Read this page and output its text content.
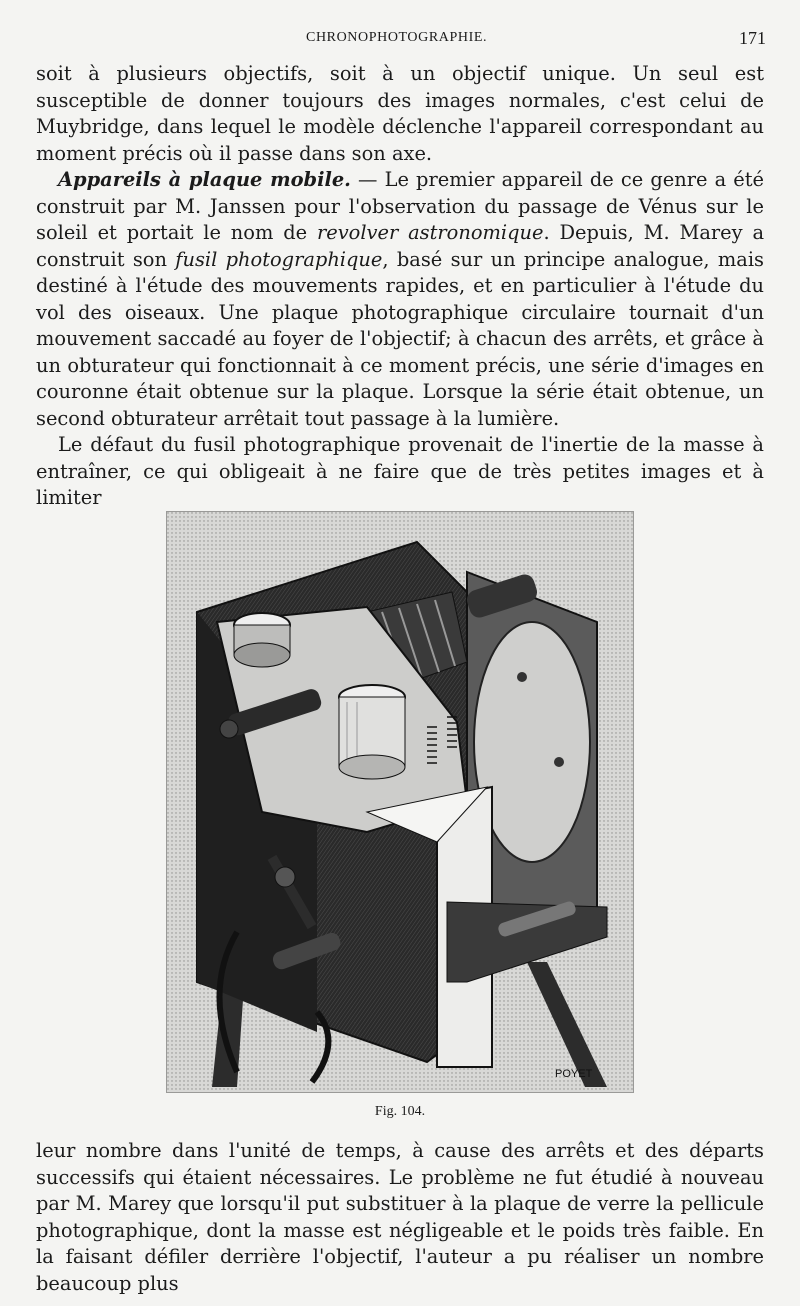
CHRONOPHOTOGRAPHIE.	171

soit à plusieurs objectifs, soit à un objectif unique. Un seul est susceptible de donner toujours des images normales, c'est celui de Muybridge, dans lequel le modèle déclenche l'appareil correspondant au moment précis où il passe dans son axe.

Appareils à plaque mobile. — Le premier appareil de ce genre a été construit par M. Janssen pour l'observation du passage de Vénus sur le soleil et portait le nom de revolver astronomique. Depuis, M. Marey a construit son fusil photographique, basé sur un principe analogue, mais destiné à l'étude des mouvements rapides, et en particulier à l'étude du vol des oiseaux. Une plaque photographique circulaire tournait d'un mouvement saccadé au foyer de l'objectif; à chacun des arrêts, et grâce à un obturateur qui fonctionnait à ce moment précis, une série d'images en couronne était obtenue sur la plaque. Lorsque la série était obtenue, un second obturateur arrêtait tout passage à la lumière.

Le défaut du fusil photographique provenait de l'inertie de la masse à entraîner, ce qui obligeait à ne faire que de très petites images et à limiter

POYET
Fig. 104.

leur nombre dans l'unité de temps, à cause des arrêts et des départs successifs qui étaient nécessaires. Le problème ne fut étudié à nouveau par M. Marey que lorsqu'il put substituer à la plaque de verre la pellicule photographique, dont la masse est négligeable et le poids très faible. En la faisant défiler derrière l'objectif, l'auteur a pu réaliser un nombre beaucoup plus
